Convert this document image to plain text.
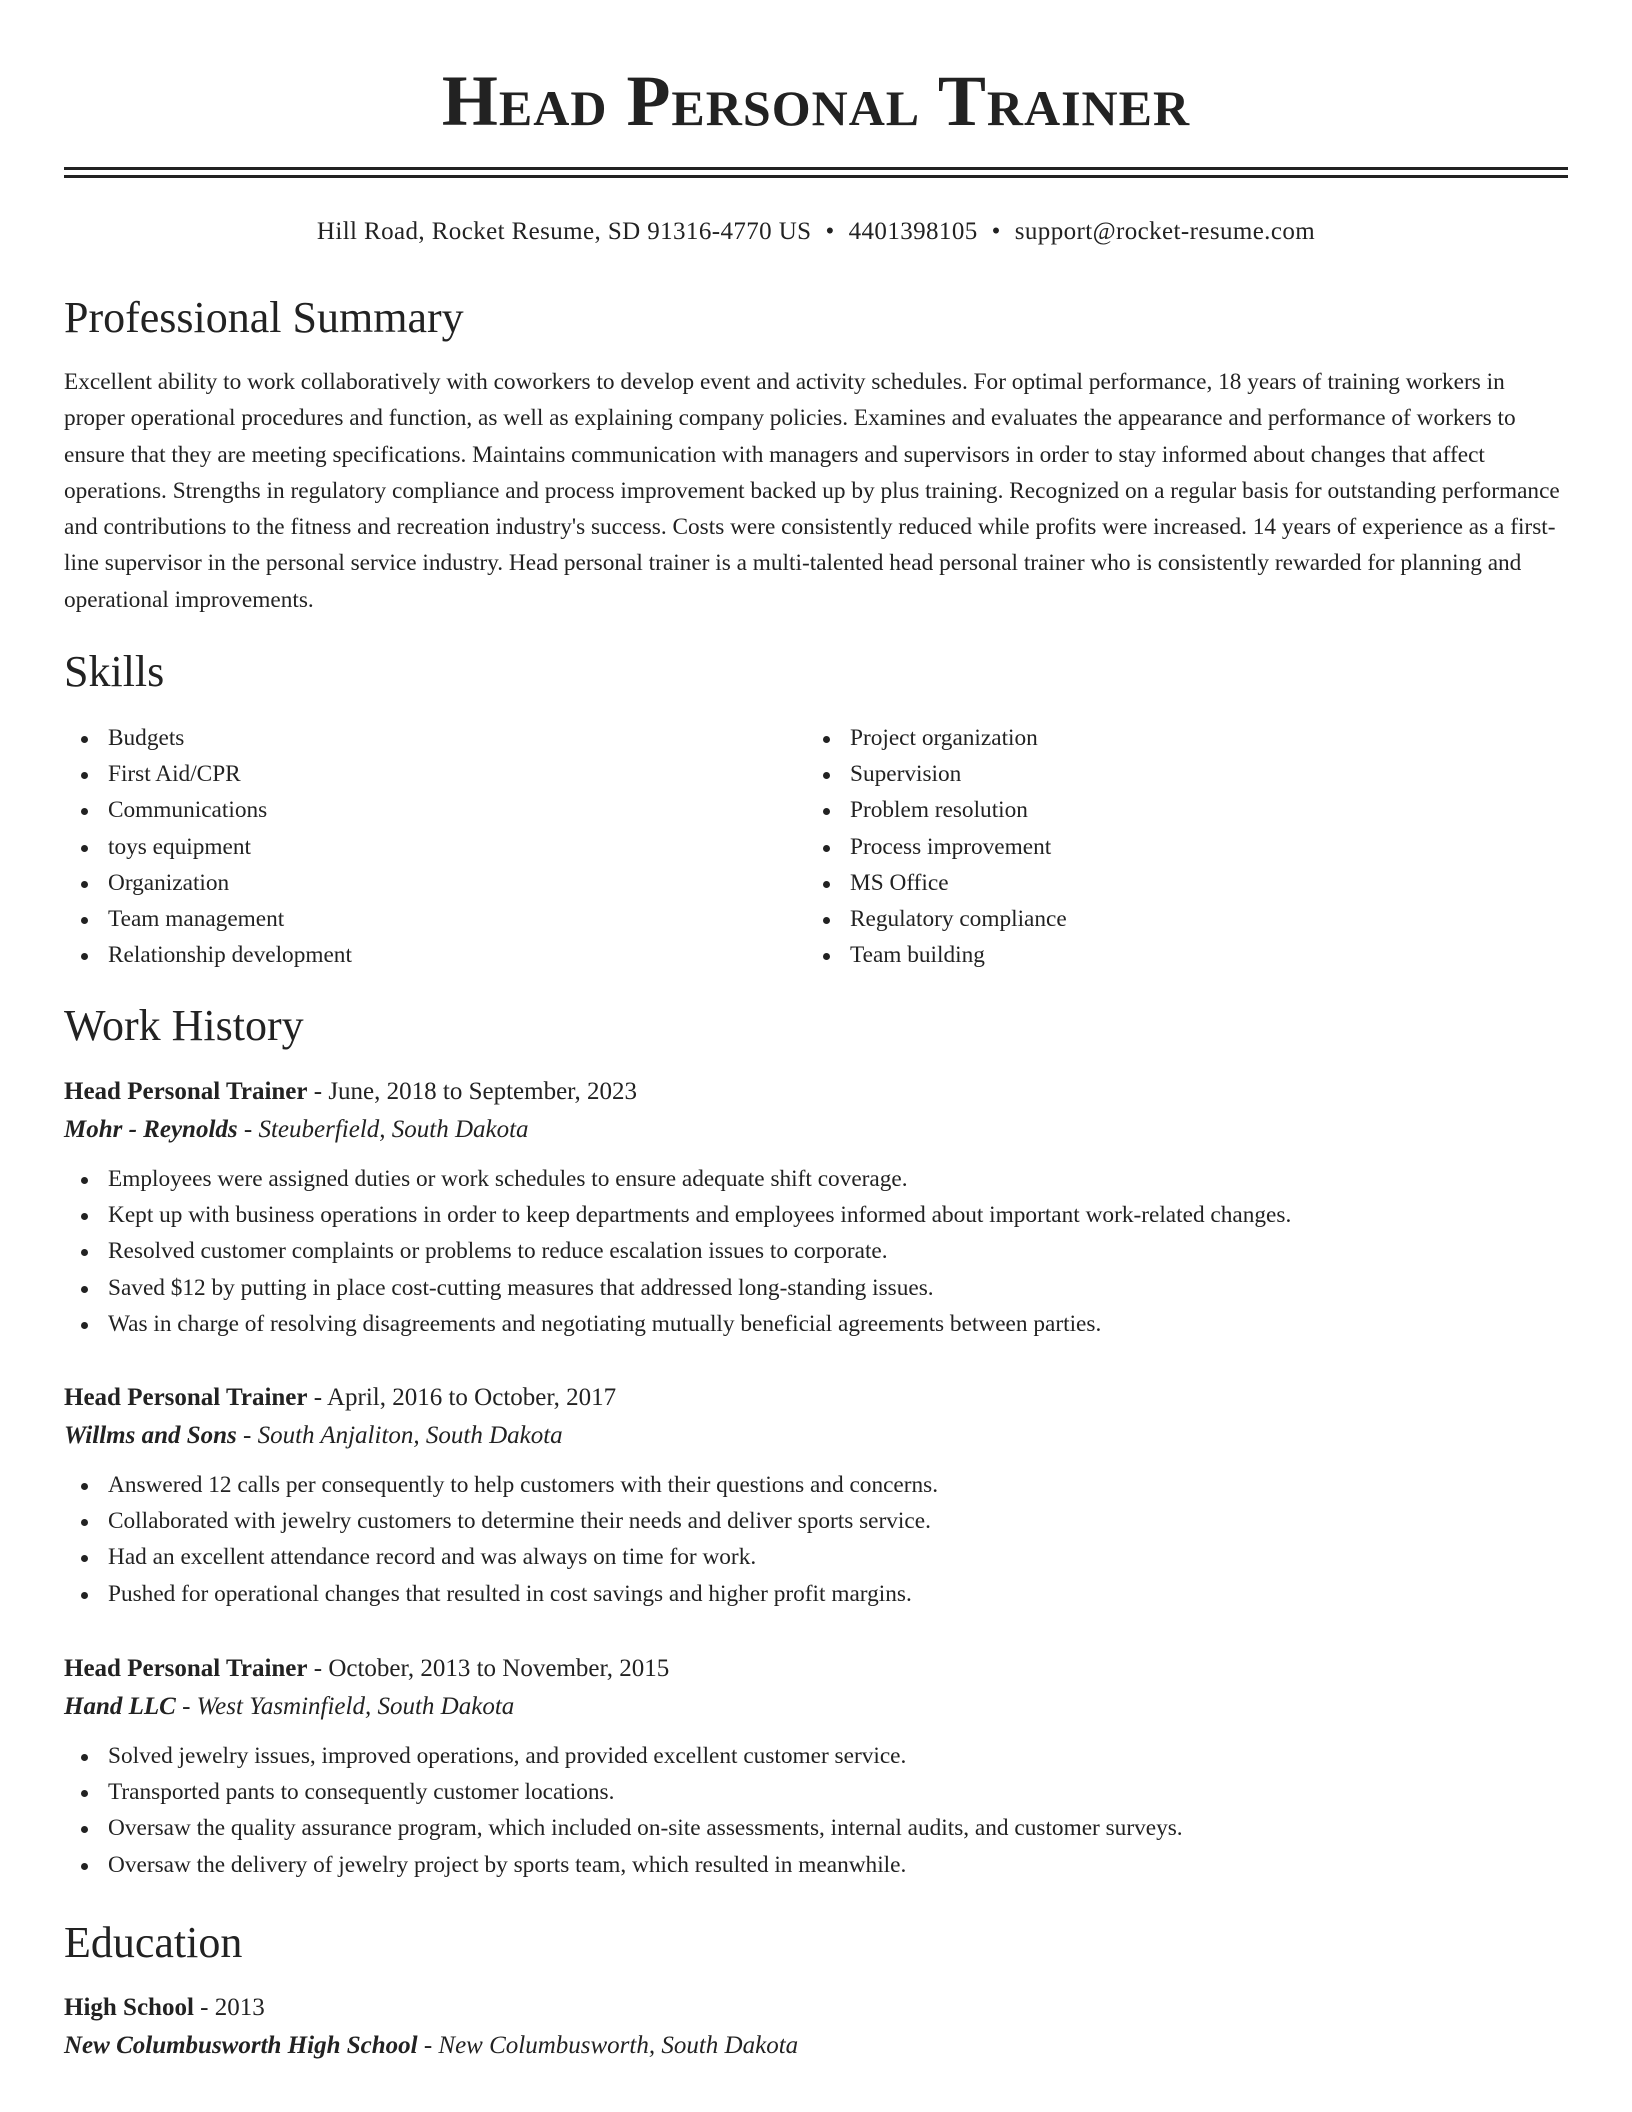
Head Personal Trainer
Hill Road, Rocket Resume, SD 91316-4770 US • 4401398105 • support@rocket-resume.com
Professional Summary

Excellent ability to work collaboratively with coworkers to develop event and activity schedules. For optimal performance, 18 years of training workers in proper operational procedures and function, as well as explaining company policies. Examines and evaluates the appearance and performance of workers to ensure that they are meeting specifications. Maintains communication with managers and supervisors in order to stay informed about changes that affect operations. Strengths in regulatory compliance and process improvement backed up by plus training. Recognized on a regular basis for outstanding performance and contributions to the fitness and recreation industry's success. Costs were consistently reduced while profits were increased. 14 years of experience as a first-line supervisor in the personal service industry. Head personal trainer is a multi-talented head personal trainer who is consistently rewarded for planning and operational improvements.

Skills
Budgets
First Aid/CPR
Communications
toys equipment
Organization
Team management
Relationship development
Project organization
Supervision
Problem resolution
Process improvement
MS Office
Regulatory compliance
Team building
Work History
Head Personal Trainer - June, 2018 to September, 2023
Mohr - Reynolds - Steuberfield, South Dakota
Employees were assigned duties or work schedules to ensure adequate shift coverage.
Kept up with business operations in order to keep departments and employees informed about important work-related changes.
Resolved customer complaints or problems to reduce escalation issues to corporate.
Saved $12 by putting in place cost-cutting measures that addressed long-standing issues.
Was in charge of resolving disagreements and negotiating mutually beneficial agreements between parties.
Head Personal Trainer - April, 2016 to October, 2017
Willms and Sons - South Anjaliton, South Dakota
Answered 12 calls per consequently to help customers with their questions and concerns.
Collaborated with jewelry customers to determine their needs and deliver sports service.
Had an excellent attendance record and was always on time for work.
Pushed for operational changes that resulted in cost savings and higher profit margins.
Head Personal Trainer - October, 2013 to November, 2015
Hand LLC - West Yasminfield, South Dakota
Solved jewelry issues, improved operations, and provided excellent customer service.
Transported pants to consequently customer locations.
Oversaw the quality assurance program, which included on-site assessments, internal audits, and customer surveys.
Oversaw the delivery of jewelry project by sports team, which resulted in meanwhile.
Education
High School - 2013
New Columbusworth High School - New Columbusworth, South Dakota
